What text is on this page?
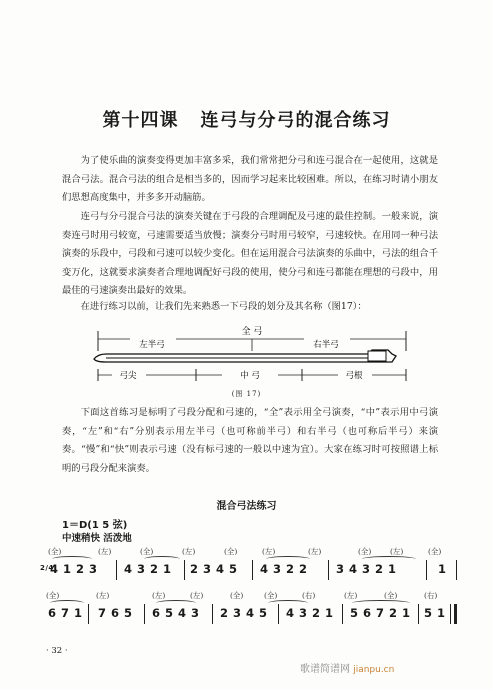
第十四课 连弓与分弓的混合练习

为了使乐曲的演奏变得更加丰富多采，我们常常把分弓和连弓混合在一起使用，这就是混合弓法。混合弓法的组合是相当多的，因而学习起来比较困难。所以，在练习时请小朋友们思想高度集中，并多多开动脑筋。

连弓与分弓混合弓法的演奏关键在于弓段的合理调配及弓速的最佳控制。一般来说，演奏连弓时用弓较宽，弓速需要适当放慢；演奏分弓时用弓较窄，弓速较快。在用同一种弓法演奏的乐段中，弓段和弓速可以较少变化。但在运用混合弓法演奏的乐曲中，弓法的组合千变万化，这就要求演奏者合理地调配好弓段的使用，使分弓和连弓都能在理想的弓段中，用最佳的弓速演奏出最好的效果。

在进行练习以前，让我们先来熟悉一下弓段的划分及其名称（图17）：

全 弓
左半弓	右半弓
弓尖	中 弓	弓根
(图 17)

下面这首练习是标明了弓段分配和弓速的，“全”表示用全弓演奏，“中”表示用中弓演奏，“左”和“右”分别表示用左半弓（也可称前半弓）和右半弓（也可称后半弓）来演奏。“慢”和“快”则表示弓速（没有标弓速的一般以中速为宜）。大家在练习时可按照谱上标明的弓段分配来演奏。

混合弓法练习
1＝D(1 5 弦)
中速稍快 活泼地
(全)	(左)	(全)	(左)	(全)	(左)	(左)	(全) (左)	(全)
2/4
4 1 2 3 4 3 2 1 2 3 4 5 4 3 2 2 3 4 3 2 1	1
(全)	(左)	(左)	(左)	(全)	(全)	(右)	(左)	(全)	(右)
6 7 1 7 6 5 6 5 4 3 2 3 4 5 4 3 2 1 5 6 7 2 1 5 1
· 32 ·
歌谱简谱网 jianpu.cn
